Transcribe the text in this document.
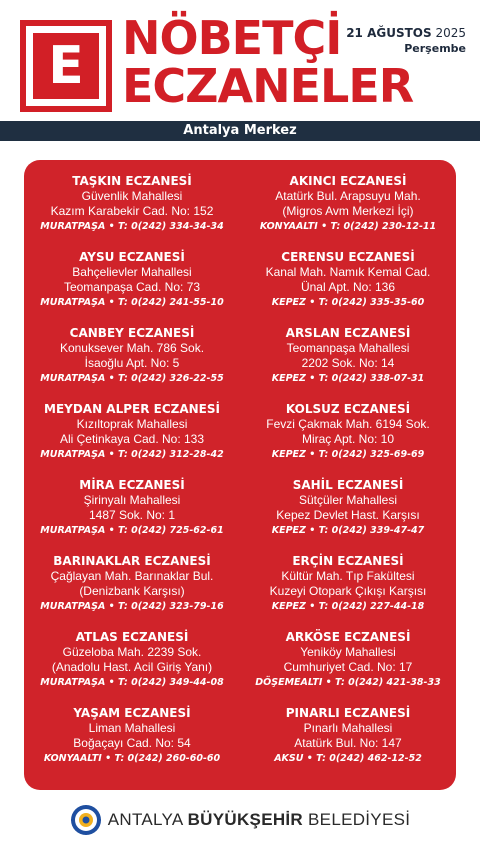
E NÖBETÇİ
ECZANELER
21 AĞUSTOS 2025
Perşembe
Antalya Merkez
TAŞKIN ECZANESİ
Güvenlik Mahallesi
Kazım Karabekir Cad. No: 152
MURATPAŞA • T: 0(242) 334-34-34
AKINCI ECZANESİ
Atatürk Bul. Arapsuyu Mah.
(Migros Avm Merkezi İçi)
KONYAALTI • T: 0(242) 230-12-11
AYSU ECZANESİ
Bahçelievler Mahallesi
Teomanpaşa Cad. No: 73
MURATPAŞA • T: 0(242) 241-55-10
CERENSU ECZANESİ
Kanal Mah. Namık Kemal Cad.
Ünal Apt. No: 136
KEPEZ • T: 0(242) 335-35-60
CANBEY ECZANESİ
Konuksever Mah. 786 Sok.
İsaoğlu Apt. No: 5
MURATPAŞA • T: 0(242) 326-22-55
ARSLAN ECZANESİ
Teomanpaşa Mahallesi
2202 Sok. No: 14
KEPEZ • T: 0(242) 338-07-31
MEYDAN ALPER ECZANESİ
Kızıltoprak Mahallesi
Ali Çetinkaya Cad. No: 133
MURATPAŞA • T: 0(242) 312-28-42
KOLSUZ ECZANESİ
Fevzi Çakmak Mah. 6194 Sok.
Miraç Apt. No: 10
KEPEZ • T: 0(242) 325-69-69
MİRA ECZANESİ
Şirinyalı Mahallesi
1487 Sok. No: 1
MURATPAŞA • T: 0(242) 725-62-61
SAHİL ECZANESİ
Sütçüler Mahallesi
Kepez Devlet Hast. Karşısı
KEPEZ • T: 0(242) 339-47-47
BARINAKLAR ECZANESİ
Çağlayan Mah. Barınaklar Bul.
(Denizbank Karşısı)
MURATPAŞA • T: 0(242) 323-79-16
ERÇİN ECZANESİ
Kültür Mah. Tıp Fakültesi
Kuzeyi Otopark Çıkışı Karşısı
KEPEZ • T: 0(242) 227-44-18
ATLAS ECZANESİ
Güzeloba Mah. 2239 Sok.
(Anadolu Hast. Acil Giriş Yanı)
MURATPAŞA • T: 0(242) 349-44-08
ARKÖSE ECZANESİ
Yeniköy Mahallesi
Cumhuriyet Cad. No: 17
DÖŞEMEALTI • T: 0(242) 421-38-33
YAŞAM ECZANESİ
Liman Mahallesi
Boğaçayı Cad. No: 54
KONYAALTI • T: 0(242) 260-60-60
PINARLI ECZANESİ
Pınarlı Mahallesi
Atatürk Bul. No: 147
AKSU • T: 0(242) 462-12-52
ANTALYA BÜYÜKŞEHİR BELEDİYESİ
